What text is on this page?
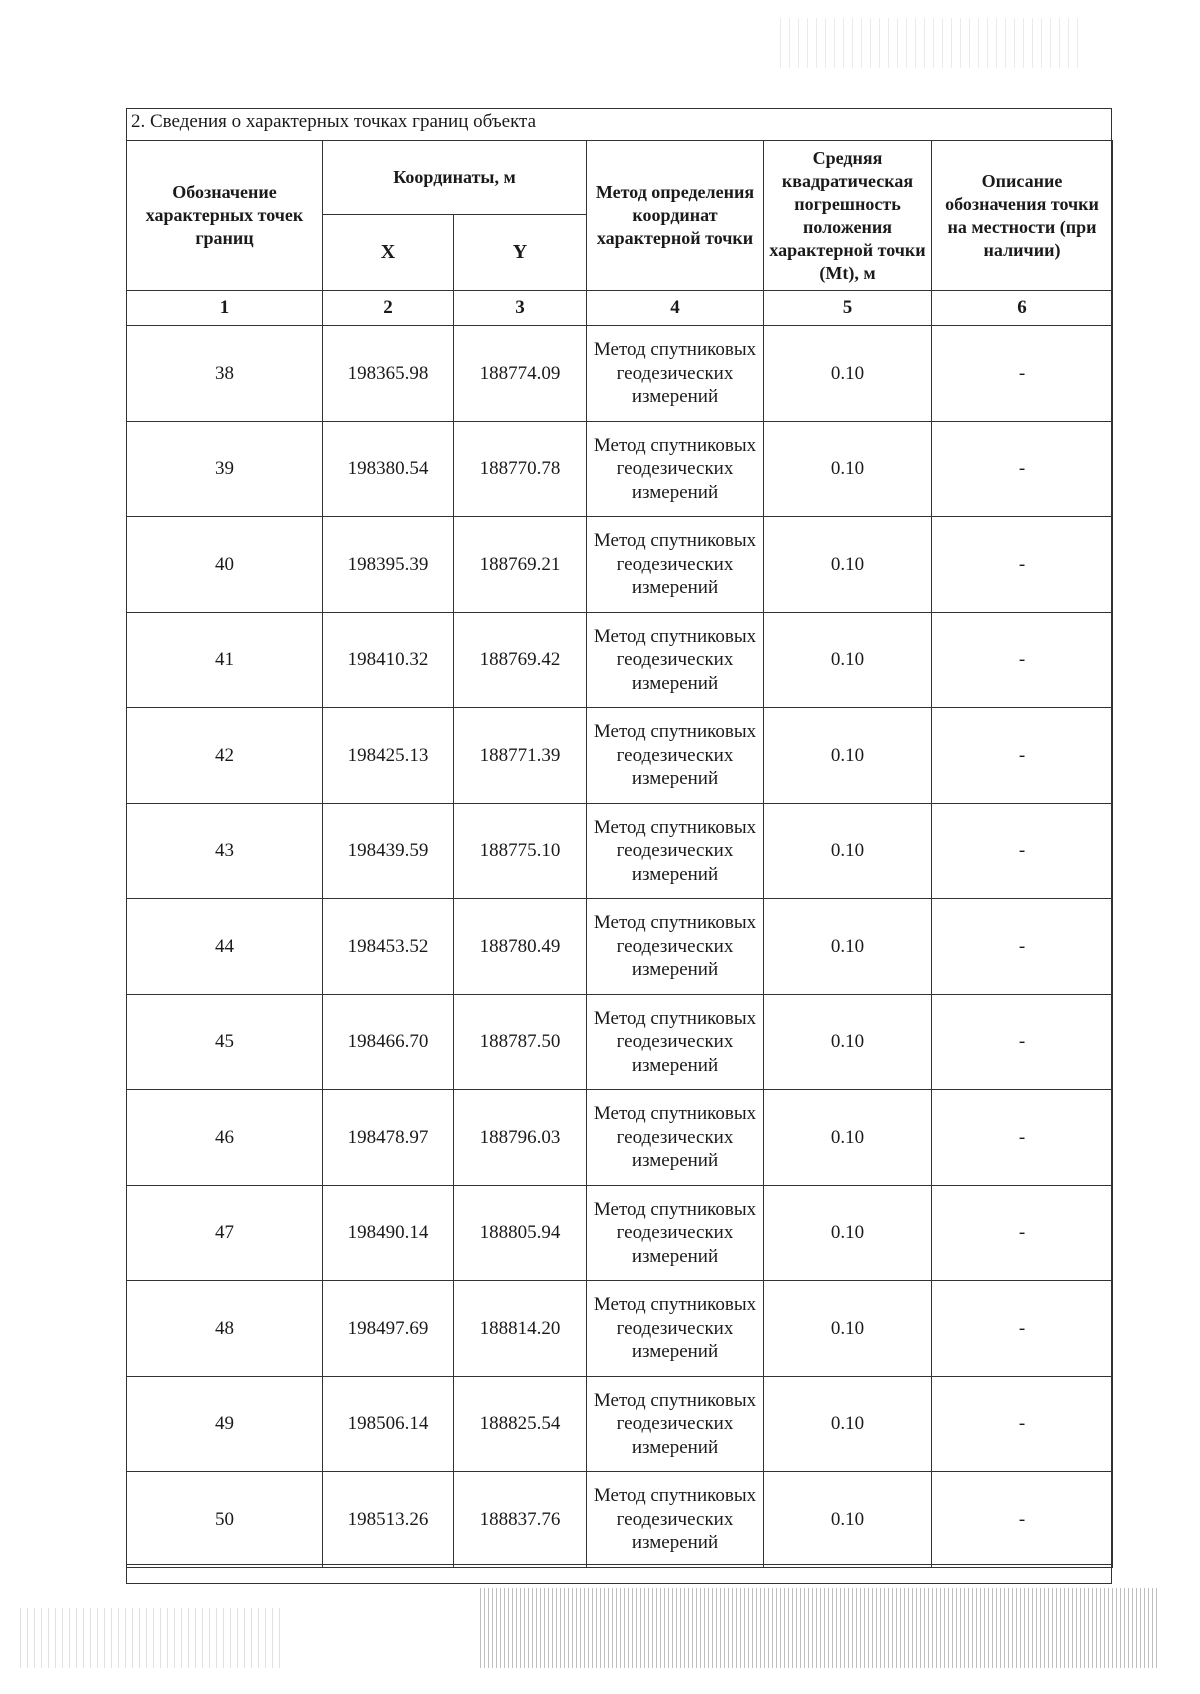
2. Сведения о характерных точках границ объекта
Обозначение характерных точек границ	Координаты, м		Метод определения координат характерной точки	Средняя квадратическая погрешность положения характерной точки (Mt), м	Описание обозначения точки на местности (при наличии)
	X	Y			
1	2	3	4	5	6
38	198365.98	188774.09	Метод спутниковых геодезических измерений	0.10	-
39	198380.54	188770.78	Метод спутниковых геодезических измерений	0.10	-
40	198395.39	188769.21	Метод спутниковых геодезических измерений	0.10	-
41	198410.32	188769.42	Метод спутниковых геодезических измерений	0.10	-
42	198425.13	188771.39	Метод спутниковых геодезических измерений	0.10	-
43	198439.59	188775.10	Метод спутниковых геодезических измерений	0.10	-
44	198453.52	188780.49	Метод спутниковых геодезических измерений	0.10	-
45	198466.70	188787.50	Метод спутниковых геодезических измерений	0.10	-
46	198478.97	188796.03	Метод спутниковых геодезических измерений	0.10	-
47	198490.14	188805.94	Метод спутниковых геодезических измерений	0.10	-
48	198497.69	188814.20	Метод спутниковых геодезических измерений	0.10	-
49	198506.14	188825.54	Метод спутниковых геодезических измерений	0.10	-
50	198513.26	188837.76	Метод спутниковых геодезических измерений	0.10	-
